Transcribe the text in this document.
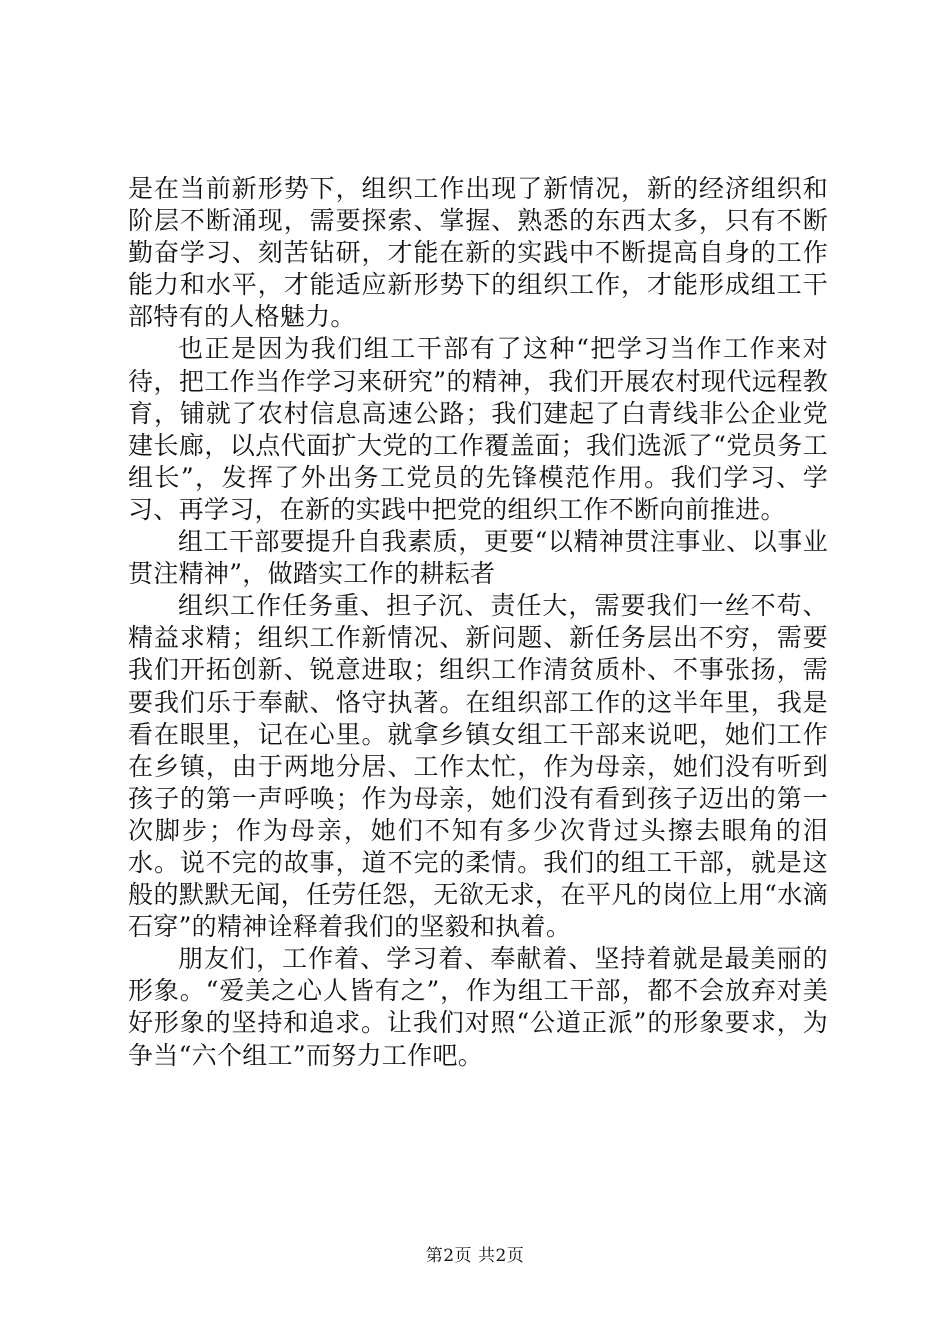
是在当前新形势下，组织工作出现了新情况，新的经济组织和阶层不断涌现，需要探索、掌握、熟悉的东西太多，只有不断勤奋学习、刻苦钻研，才能在新的实践中不断提高自身的工作能力和水平，才能适应新形势下的组织工作，才能形成组工干部特有的人格魅力。

也正是因为我们组工干部有了这种“把学习当作工作来对待，把工作当作学习来研究”的精神，我们开展农村现代远程教育，铺就了农村信息高速公路；我们建起了白青线非公企业党建长廊，以点代面扩大党的工作覆盖面；我们选派了“党员务工组长”，发挥了外出务工党员的先锋模范作用。我们学习、学习、再学习，在新的实践中把党的组织工作不断向前推进。

组工干部要提升自我素质，更要“以精神贯注事业、以事业贯注精神”，做踏实工作的耕耘者

组织工作任务重、担子沉、责任大，需要我们一丝不苟、精益求精；组织工作新情况、新问题、新任务层出不穷，需要我们开拓创新、锐意进取；组织工作清贫质朴、不事张扬，需要我们乐于奉献、恪守执著。在组织部工作的这半年里，我是看在眼里，记在心里。就拿乡镇女组工干部来说吧，她们工作在乡镇，由于两地分居、工作太忙，作为母亲，她们没有听到孩子的第一声呼唤；作为母亲，她们没有看到孩子迈出的第一次脚步；作为母亲，她们不知有多少次背过头擦去眼角的泪水。说不完的故事，道不完的柔情。我们的组工干部，就是这般的默默无闻，任劳任怨，无欲无求，在平凡的岗位上用“水滴石穿”的精神诠释着我们的坚毅和执着。

朋友们，工作着、学习着、奉献着、坚持着就是最美丽的形象。“爱美之心人皆有之”，作为组工干部，都不会放弃对美好形象的坚持和追求。让我们对照“公道正派”的形象要求，为争当“六个组工”而努力工作吧。

第2页 共2页
